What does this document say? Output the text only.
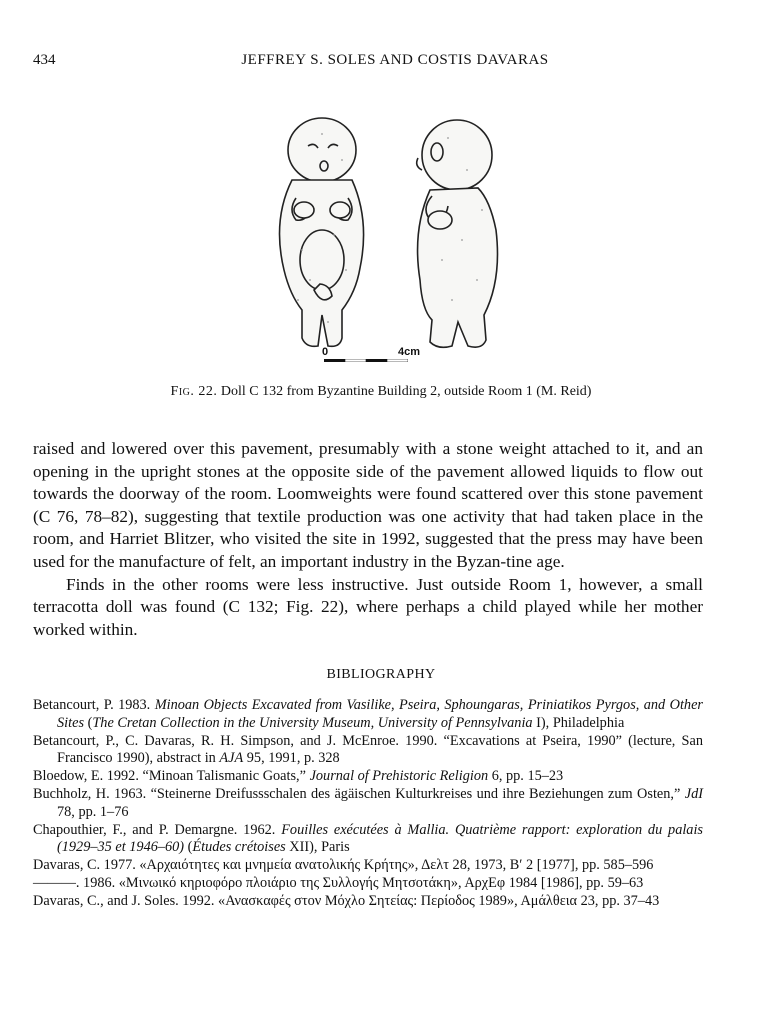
434	JEFFREY S. SOLES AND COSTIS DAVARAS
0	4cm
Fig. 22. Doll C 132 from Byzantine Building 2, outside Room 1 (M. Reid)

raised and lowered over this pavement, presumably with a stone weight attached to it, and an opening in the upright stones at the opposite side of the pavement allowed liquids to flow out towards the doorway of the room. Loomweights were found scattered over this stone pavement (C 76, 78–82), suggesting that textile production was one activity that had taken place in the room, and Harriet Blitzer, who visited the site in 1992, suggested that the press may have been used for the manufacture of felt, an important industry in the Byzan-tine age.

Finds in the other rooms were less instructive. Just outside Room 1, however, a small terracotta doll was found (C 132; Fig. 22), where perhaps a child played while her mother worked within.

BIBLIOGRAPHY

Betancourt, P. 1983. Minoan Objects Excavated from Vasilike, Pseira, Sphoungaras, Priniatikos Pyrgos, and Other Sites (The Cretan Collection in the University Museum, University of Pennsylvania I), Philadelphia

Betancourt, P., C. Davaras, R. H. Simpson, and J. McEnroe. 1990. “Excavations at Pseira, 1990” (lecture, San Francisco 1990), abstract in AJA 95, 1991, p. 328

Bloedow, E. 1992. “Minoan Talismanic Goats,” Journal of Prehistoric Religion 6, pp. 15–23

Buchholz, H. 1963. “Steinerne Dreifussschalen des ägäischen Kulturkreises und ihre Beziehungen zum Osten,” JdI 78, pp. 1–76

Chapouthier, F., and P. Demargne. 1962. Fouilles exécutées à Mallia. Quatrième rapport: exploration du palais (1929–35 et 1946–60) (Études crétoises XII), Paris

Davaras, C. 1977. «Αρχαιότητες και μνημεία ανατολικής Κρήτης», Δελτ 28, 1973, Β′ 2 [1977], pp. 585–596

———. 1986. «Μινωικό κηριοφόρο πλοιάριο της Συλλογής Μητσοτάκη», ΑρχΕφ 1984 [1986], pp. 59–63

Davaras, C., and J. Soles. 1992. «Ανασκαφές στον Μόχλο Σητείας: Περίοδος 1989», Αμάλθεια 23, pp. 37–43
